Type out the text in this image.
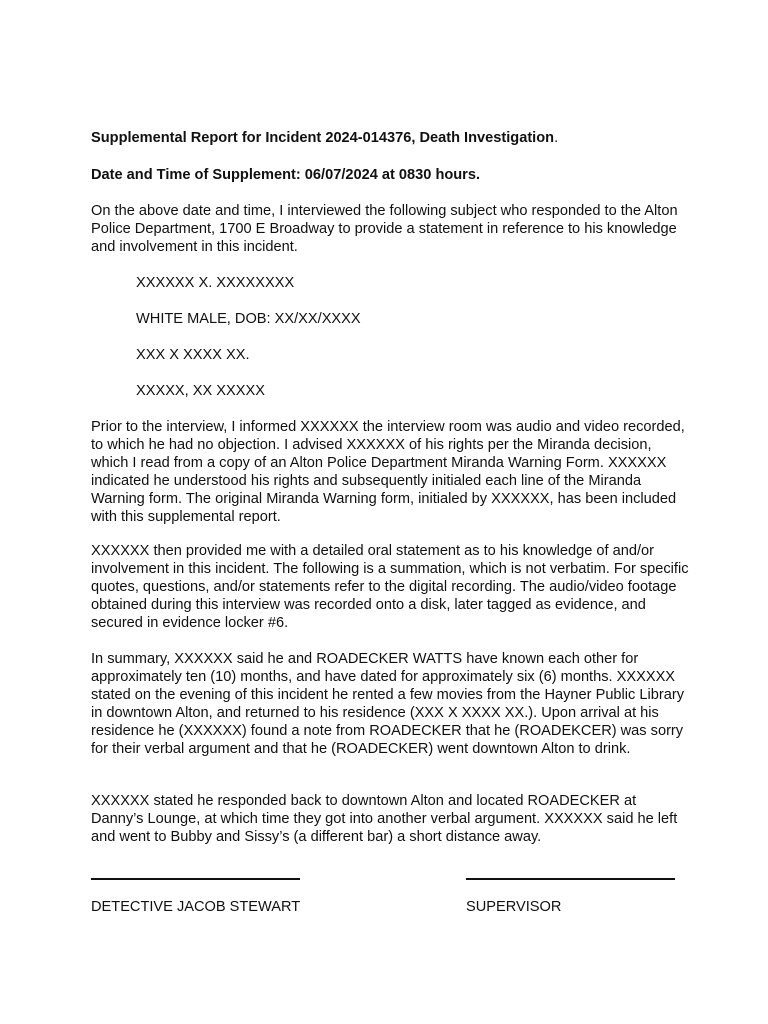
Supplemental Report for Incident 2024-014376, Death Investigation.

Date and Time of Supplement: 06/07/2024 at 0830 hours.

On the above date and time, I interviewed the following subject who responded to the Alton Police Department, 1700 E Broadway to provide a statement in reference to his knowledge and involvement in this incident.

XXXXXX X. XXXXXXXX

WHITE MALE, DOB: XX/XX/XXXX

XXX X XXXX XX.

XXXXX, XX XXXXX

Prior to the interview, I informed XXXXXX the interview room was audio and video recorded, to which he had no objection. I advised XXXXXX of his rights per the Miranda decision, which I read from a copy of an Alton Police Department Miranda Warning Form. XXXXXX indicated he understood his rights and subsequently initialed each line of the Miranda Warning form. The original Miranda Warning form, initialed by XXXXXX, has been included with this supplemental report.

XXXXXX then provided me with a detailed oral statement as to his knowledge of and/or involvement in this incident. The following is a summation, which is not verbatim. For specific quotes, questions, and/or statements refer to the digital recording. The audio/video footage obtained during this interview was recorded onto a disk, later tagged as evidence, and secured in evidence locker #6.

In summary, XXXXXX said he and ROADECKER WATTS have known each other for approximately ten (10) months, and have dated for approximately six (6) months. XXXXXX stated on the evening of this incident he rented a few movies from the Hayner Public Library in downtown Alton, and returned to his residence (XXX X XXXX XX.). Upon arrival at his residence he (XXXXXX) found a note from ROADECKER that he (ROADEKCER) was sorry for their verbal argument and that he (ROADECKER) went downtown Alton to drink.

XXXXXX stated he responded back to downtown Alton and located ROADECKER at Danny’s Lounge, at which time they got into another verbal argument. XXXXXX said he left and went to Bubby and Sissy’s (a different bar) a short distance away.

DETECTIVE JACOB STEWART	SUPERVISOR
